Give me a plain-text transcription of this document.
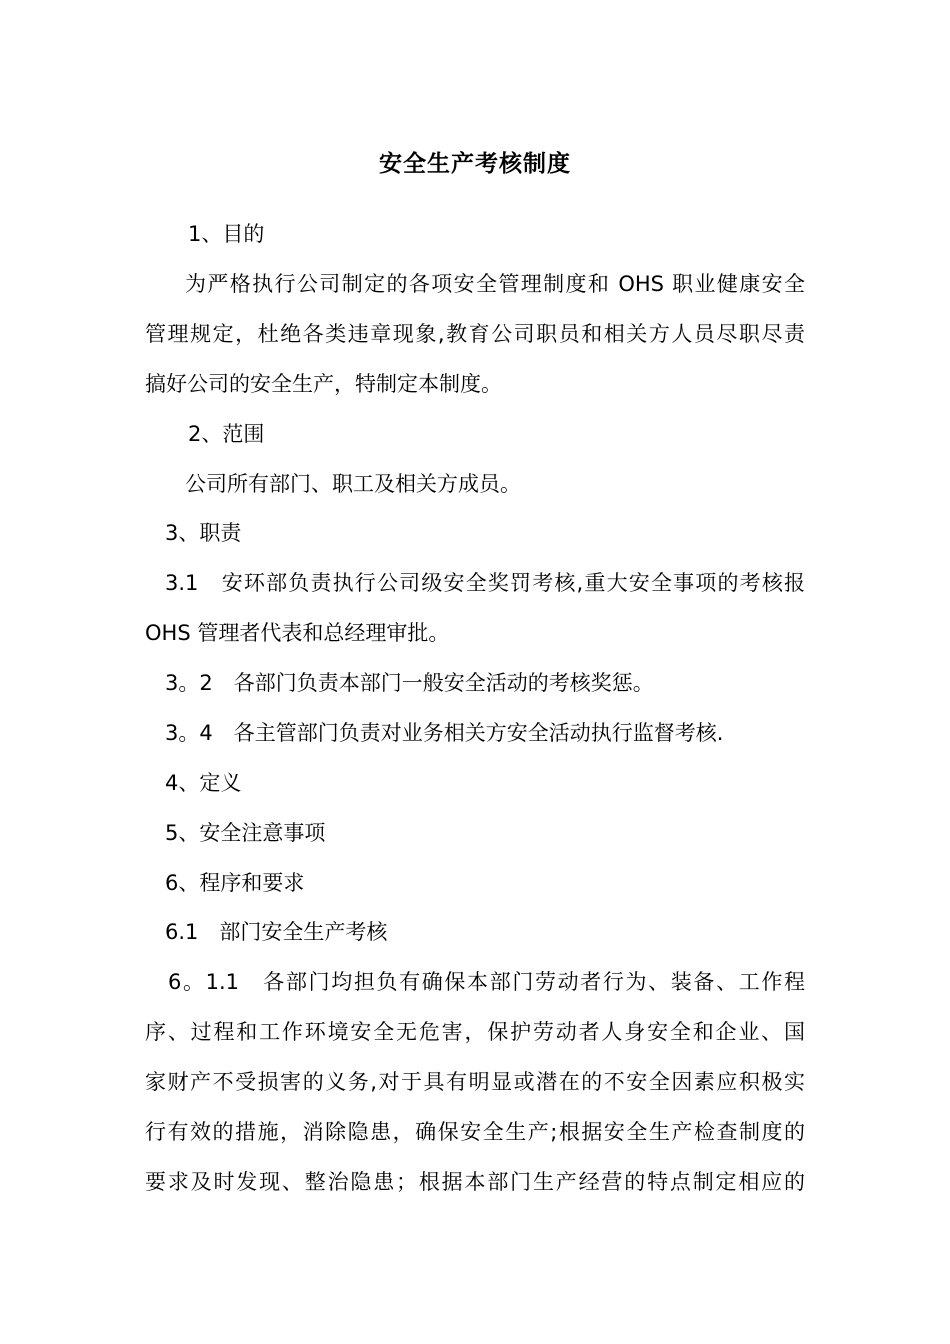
安全生产考核制度
1、目的
为严格执行公司制定的各项安全管理制度和 OHS 职业健康安全
管理规定，杜绝各类违章现象,教育公司职员和相关方人员尽职尽责
搞好公司的安全生产，特制定本制度。
2、范围
公司所有部门、职工及相关方成员。
3、职责
3.1　安环部负责执行公司级安全奖罚考核,重大安全事项的考核报
OHS 管理者代表和总经理审批。
3。2　各部门负责本部门一般安全活动的考核奖惩。
3。4　各主管部门负责对业务相关方安全活动执行监督考核.
4、定义
5、安全注意事项
6、程序和要求
6.1　部门安全生产考核
6。1.1　各部门均担负有确保本部门劳动者行为、装备、工作程
序、过程和工作环境安全无危害，保护劳动者人身安全和企业、国
家财产不受损害的义务,对于具有明显或潜在的不安全因素应积极实
行有效的措施，消除隐患，确保安全生产;根据安全生产检查制度的
要求及时发现、整治隐患；根据本部门生产经营的特点制定相应的
